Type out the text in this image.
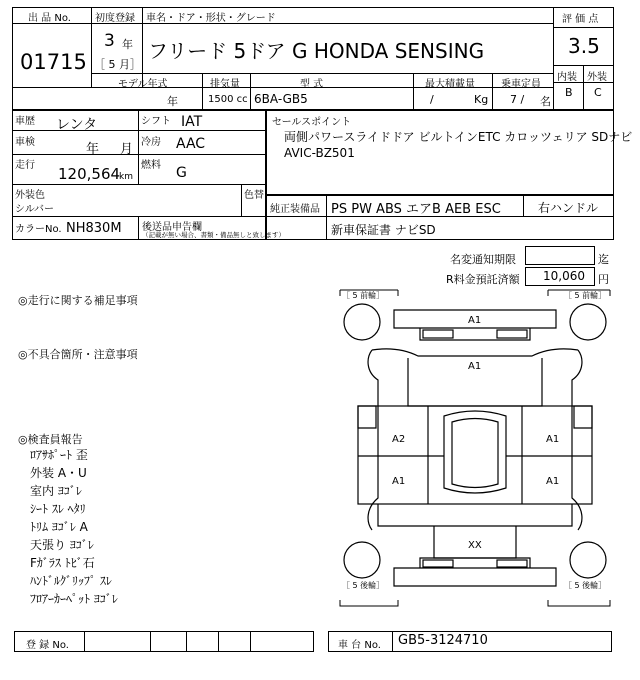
出 品 No.
01715
初度登録
3 年
［ 5 月］
車名・ドア・形状・グレード
フリード 5ドア G HONDA SENSING
評 価 点
3.5
内装 外装
B C
モデル年式
年
排気量
1500 cc
型 式
6BA-GB5
最大積載量
/	Kg
乗車定員
7 / 名
車歴 レンタ	シフト IAT
車検	年 月 冷房 AAC
走行 120,564
km
燃料 G
外装色
シルバー
色替
カラーNo. NH830M 後送品申告欄
（記載が無い場合、書類・備品無しと致します）
セールスポイント
両側パワースライドドア ビルトインETC カロッツェリア SDナビ
AVIC-BZ501
純正装備品 PS PW ABS エアB AEB ESC	右ハンドル
新車保証書 ナビSD
名変通知期限	迄
R料金預託済額 10,060 円
◎走行に関する補足事項
◎不具合箇所・注意事項
◎検査員報告
ﾛｱｻﾎﾟｰﾄ 歪
外装 A・U
室内 ﾖｺﾞﾚ
ｼｰﾄ ｽﾚ ﾍﾀﾘ
ﾄﾘﾑ ﾖｺﾞﾚ A
天張り ﾖｺﾞﾚ
Fｶﾞﾗｽ ﾄﾋﾞ石
ﾊﾝﾄﾞﾙｸﾞﾘｯﾌﾟ ｽﾚ
ﾌﾛｱｰｶｰﾍﾟｯﾄ ﾖｺﾞﾚ
［ 5 前輪］	［ 5 前輪］
［ 5 後輪］	［ 5 後輪］
A1
A1
A2	A1
A1	A1
XX
登 録 No.	車 台 No. GB5-3124710
